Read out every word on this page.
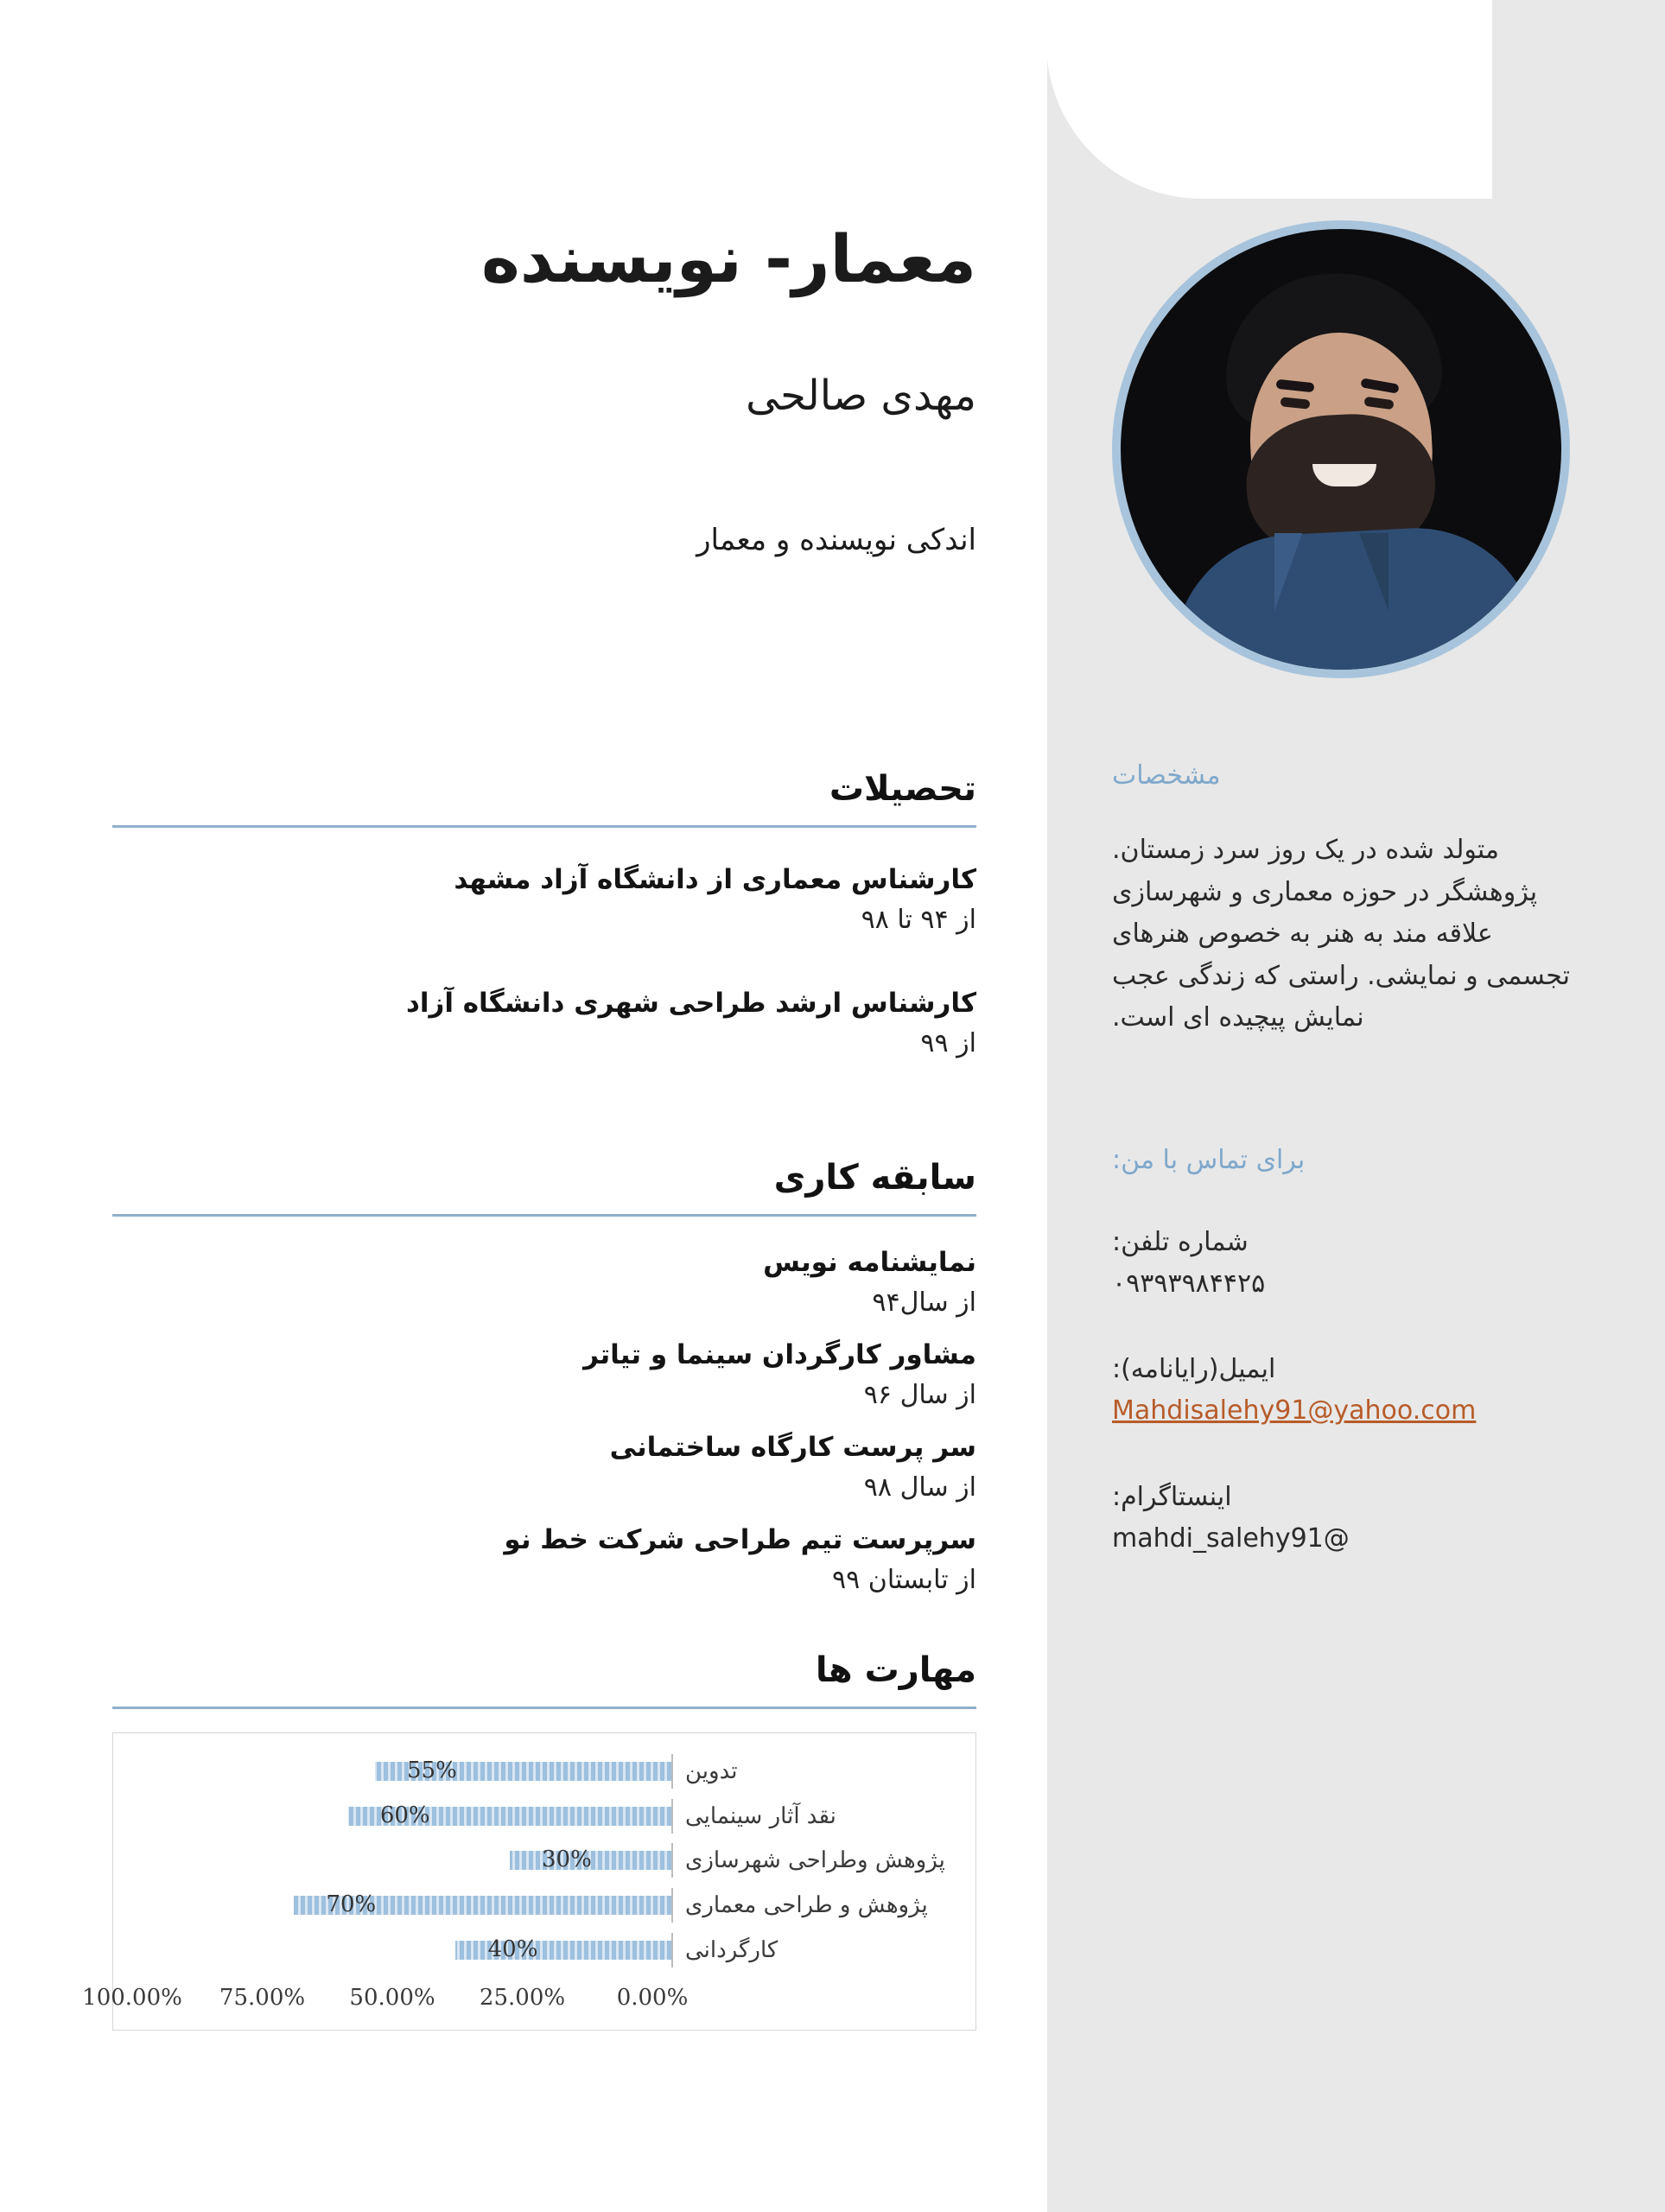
مشخصات
متولد شده در یک روز سرد زمستان. پژوهشگر در حوزه معماری و شهرسازی علاقه مند به هنر به خصوص هنرهای تجسمی و نمایشی. راستی که زندگی عجب نمایش پیچیده ای است.
برای تماس با من:
شماره تلفن:
۰۹۳۹۳۹۸۴۴۲۵
ایمیل(رایانامه):
Mahdisalehy91@yahoo.com
اینستاگرام:
@mahdi_salehy91
معمار- نویسنده
مهدی صالحی
اندکی نویسنده و معمار
تحصیلات
کارشناس معماری از دانشگاه آزاد مشهد
از ۹۴ تا ۹۸
کارشناس ارشد طراحی شهری دانشگاه آزاد
از ۹۹
سابقه کاری
نمایشنامه نویس
از سال۹۴
مشاور کارگردان سینما و تیاتر
از سال ۹۶
سر پرست کارگاه ساختمانی
از سال ۹۸
سرپرست تیم طراحی شرکت خط نو
از تابستان ۹۹
مهارت ها
تدوین
55%
نقد آثار سینمایی
60%
پژوهش وطراحی شهرسازی
30%
پژوهش و طراحی معماری
70%
کارگردانی
40%
0.00%
25.00%
50.00%
75.00%
100.00%
